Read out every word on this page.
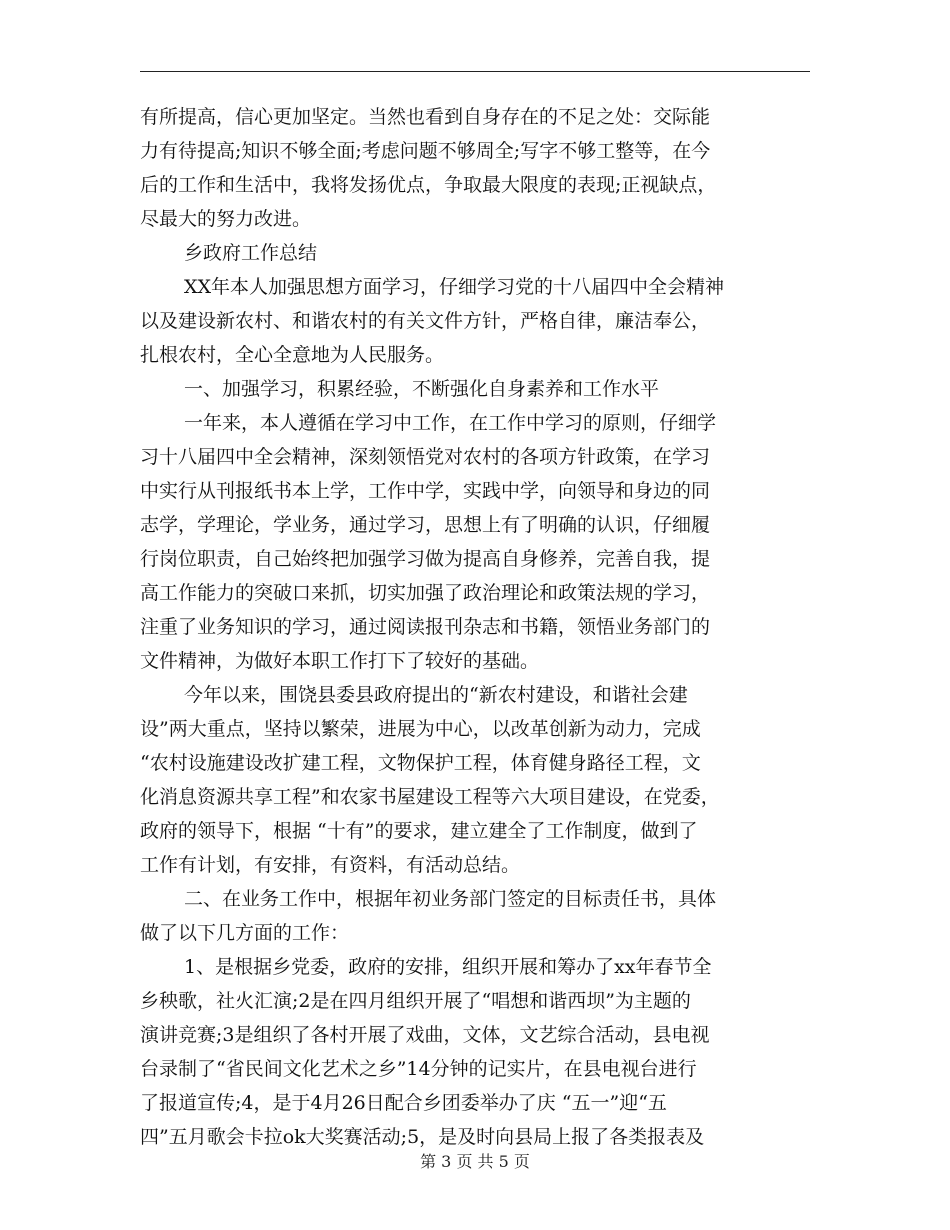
有所提高，信心更加坚定。当然也看到自身存在的不足之处：交际能
力有待提高;知识不够全面;考虑问题不够周全;写字不够工整等，在今
后的工作和生活中，我将发扬优点，争取最大限度的表现;正视缺点，
尽最大的努力改进。
乡政府工作总结
XX年本人加强思想方面学习，仔细学习党的十八届四中全会精神
以及建设新农村、和谐农村的有关文件方针，严格自律，廉洁奉公，
扎根农村，全心全意地为人民服务。
一、加强学习，积累经验，不断强化自身素养和工作水平
一年来，本人遵循在学习中工作，在工作中学习的原则，仔细学
习十八届四中全会精神，深刻领悟党对农村的各项方针政策，在学习
中实行从刊报纸书本上学，工作中学，实践中学，向领导和身边的同
志学，学理论，学业务，通过学习，思想上有了明确的认识，仔细履
行岗位职责，自己始终把加强学习做为提高自身修养，完善自我，提
高工作能力的突破口来抓，切实加强了政治理论和政策法规的学习，
注重了业务知识的学习，通过阅读报刊杂志和书籍，领悟业务部门的
文件精神，为做好本职工作打下了较好的基础。
今年以来，围饶县委县政府提出的“新农村建设，和谐社会建
设”两大重点，坚持以繁荣，进展为中心，以改革创新为动力，完成
“农村设施建设改扩建工程，文物保护工程，体育健身路径工程，文
化消息资源共享工程”和农家书屋建设工程等六大项目建设，在党委，
政府的领导下，根据 “十有”的要求，建立建全了工作制度，做到了
工作有计划，有安排，有资料，有活动总结。
二、在业务工作中，根据年初业务部门签定的目标责任书，具体
做了以下几方面的工作：
1、是根据乡党委，政府的安排，组织开展和筹办了xx年春节全
乡秧歌，社火汇演;2是在四月组织开展了“唱想和谐西坝”为主题的
演讲竞赛;3是组织了各村开展了戏曲，文体，文艺综合活动，县电视
台录制了“省民间文化艺术之乡”14分钟的记实片，在县电视台进行
了报道宣传;4，是于4月26日配合乡团委举办了庆 “五一”迎“五
四”五月歌会卡拉ok大奖赛活动;5，是及时向县局上报了各类报表及
第 3 页 共 5 页
